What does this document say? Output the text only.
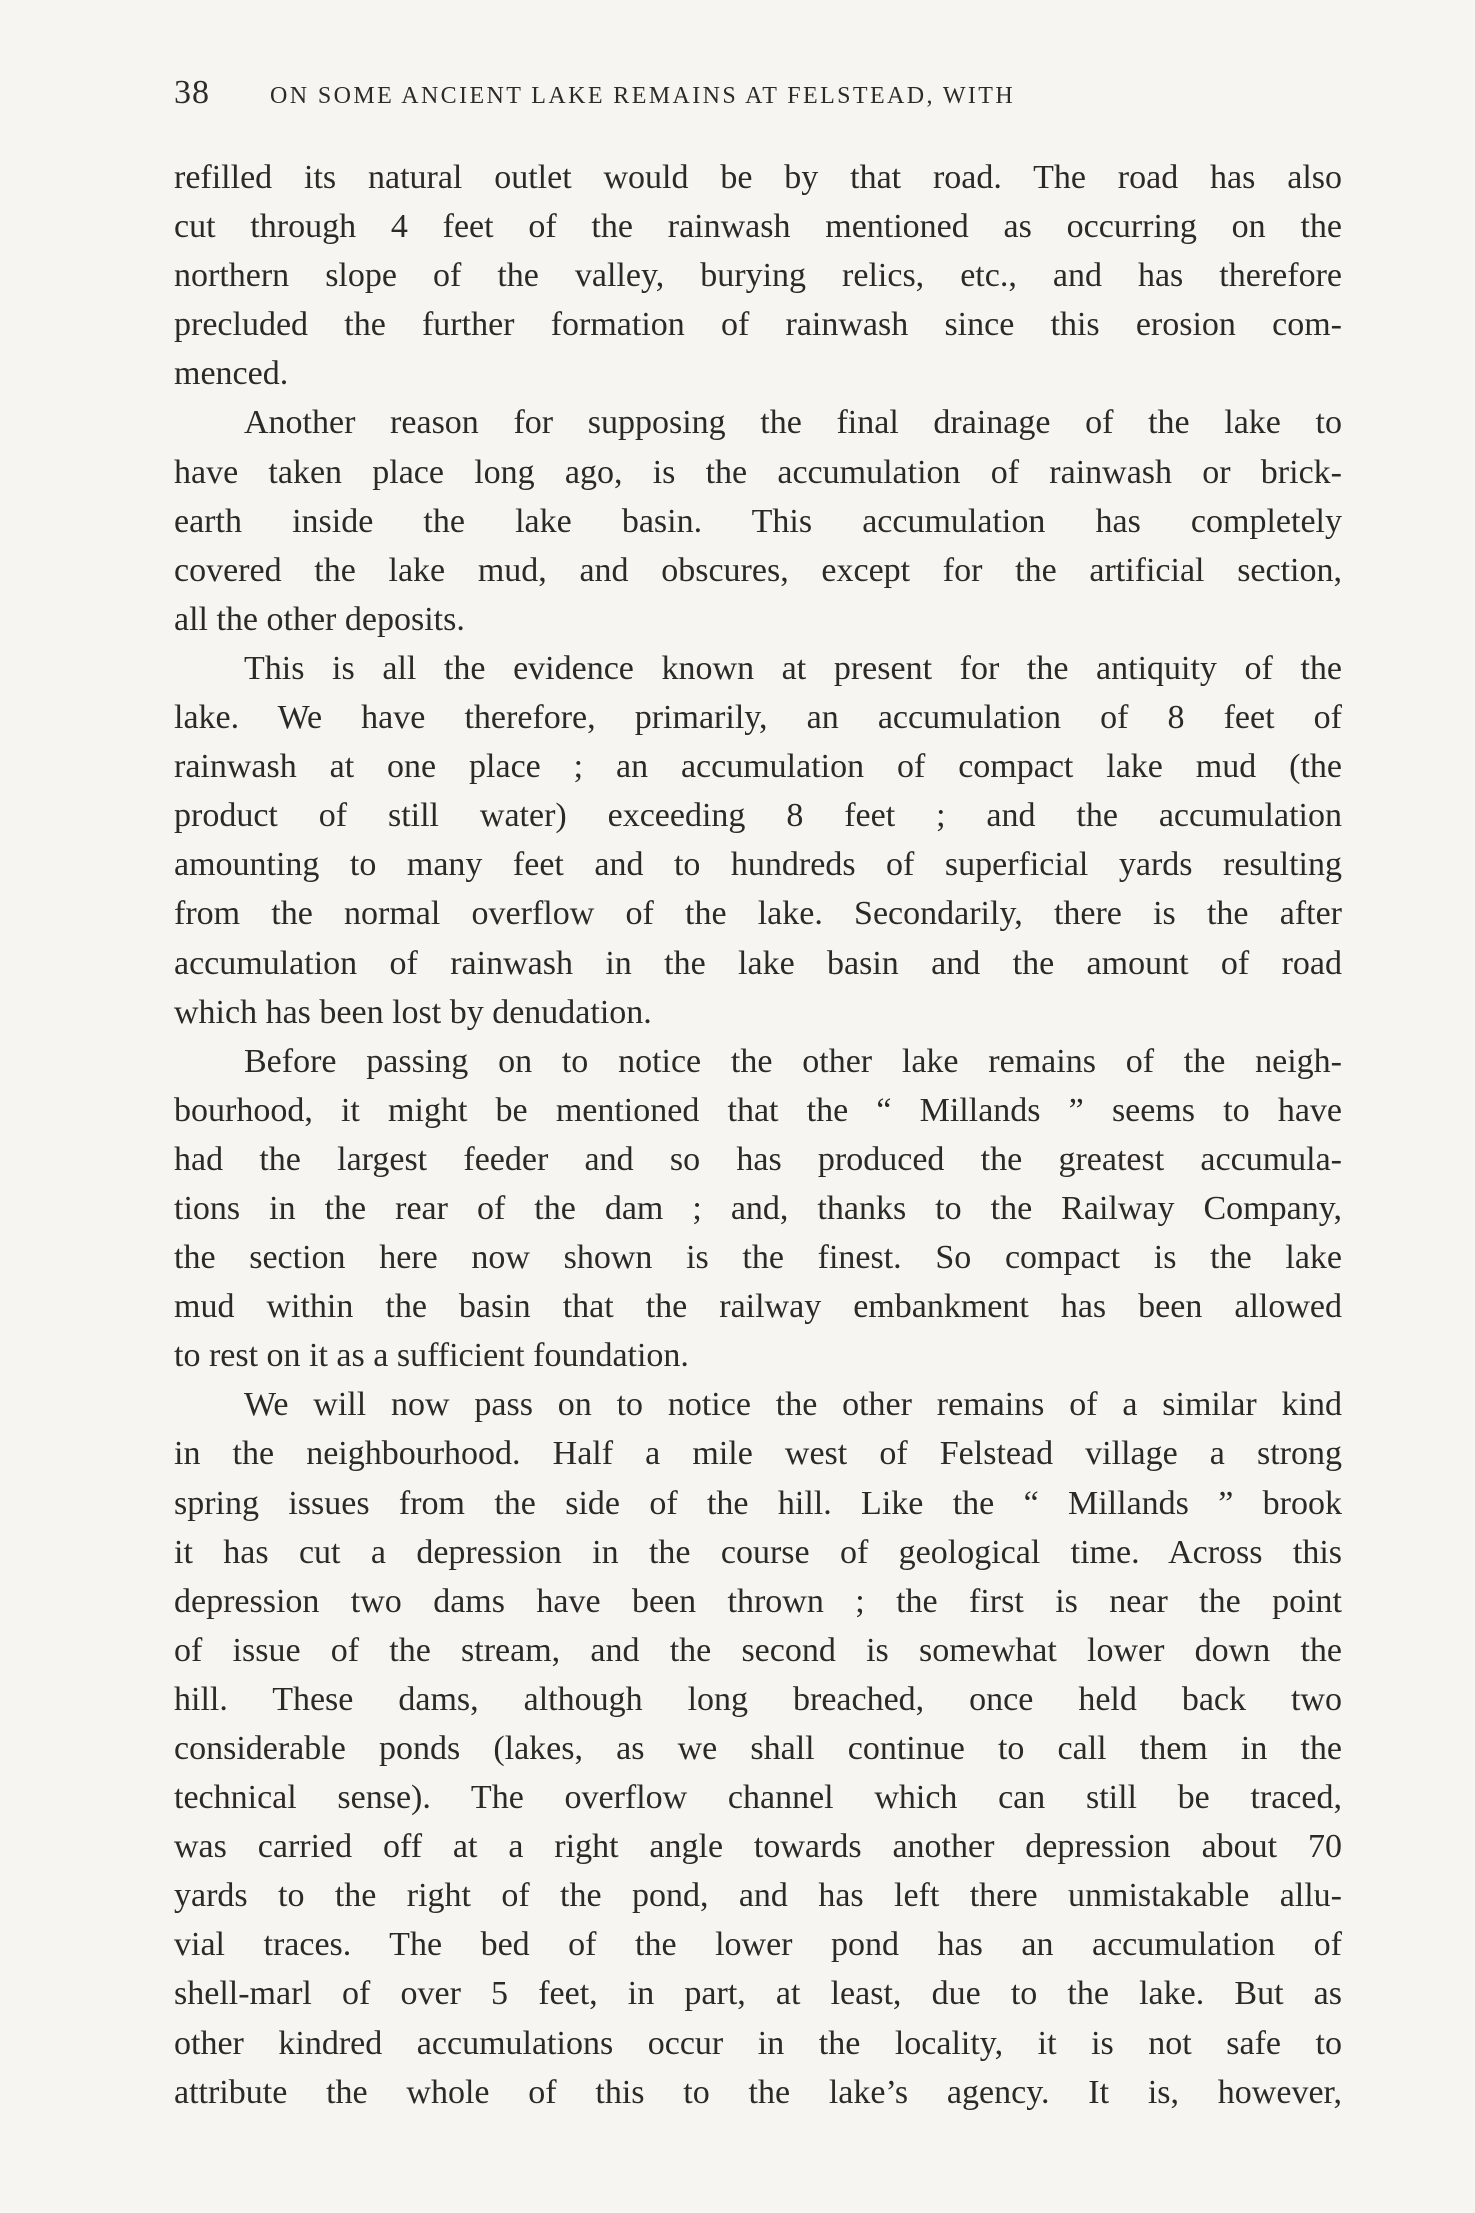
38	ON SOME ANCIENT LAKE REMAINS AT FELSTEAD, WITH
refilled its natural outlet would be by that road. The road has also
cut through 4 feet of the rainwash mentioned as occurring on the
northern slope of the valley, burying relics, etc., and has therefore
precluded the further formation of rainwash since this erosion com-
menced.
Another reason for supposing the final drainage of the lake to
have taken place long ago, is the accumulation of rainwash or brick-
earth inside the lake basin. This accumulation has completely
covered the lake mud, and obscures, except for the artificial section,
all the other deposits.
This is all the evidence known at present for the antiquity of the
lake. We have therefore, primarily, an accumulation of 8 feet of
rainwash at one place ; an accumulation of compact lake mud (the
product of still water) exceeding 8 feet ; and the accumulation
amounting to many feet and to hundreds of superficial yards resulting
from the normal overflow of the lake. Secondarily, there is the after
accumulation of rainwash in the lake basin and the amount of road
which has been lost by denudation.
Before passing on to notice the other lake remains of the neigh-
bourhood, it might be mentioned that the “ Millands ” seems to have
had the largest feeder and so has produced the greatest accumula-
tions in the rear of the dam ; and, thanks to the Railway Company,
the section here now shown is the finest. So compact is the lake
mud within the basin that the railway embankment has been allowed
to rest on it as a sufficient foundation.
We will now pass on to notice the other remains of a similar kind
in the neighbourhood. Half a mile west of Felstead village a strong
spring issues from the side of the hill. Like the “ Millands ” brook
it has cut a depression in the course of geological time. Across this
depression two dams have been thrown ; the first is near the point
of issue of the stream, and the second is somewhat lower down the
hill. These dams, although long breached, once held back two
considerable ponds (lakes, as we shall continue to call them in the
technical sense). The overflow channel which can still be traced,
was carried off at a right angle towards another depression about 70
yards to the right of the pond, and has left there unmistakable allu-
vial traces. The bed of the lower pond has an accumulation of
shell-marl of over 5 feet, in part, at least, due to the lake. But as
other kindred accumulations occur in the locality, it is not safe to
attribute the whole of this to the lake’s agency. It is, however,
